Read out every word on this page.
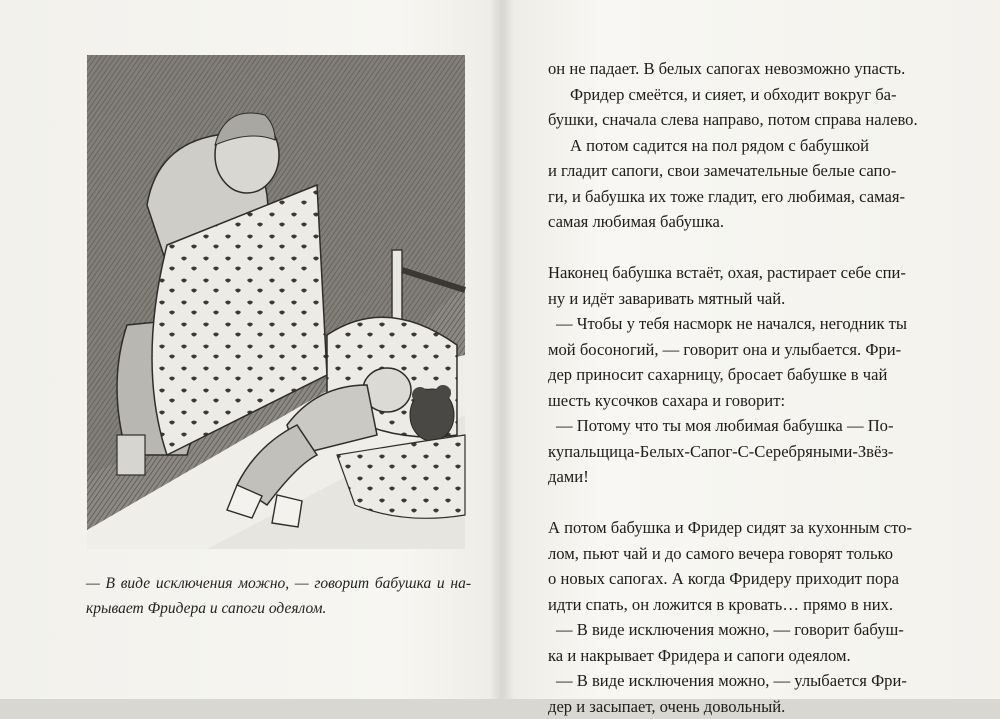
— В виде исключения можно, — говорит бабушка и на-

крывает Фридера и сапоги одеялом.

он не падает. В белых сапогах невозможно упасть.
Фридер смеётся, и сияет, и обходит вокруг ба-
бушки, сначала слева направо, потом справа налево.
А потом садится на пол рядом с бабушкой
и гладит сапоги, свои замечательные белые сапо-
ги, и бабушка их тоже гладит, его любимая, самая-
самая любимая бабушка.
Наконец бабушка встаёт, охая, растирает себе спи-
ну и идёт заваривать мятный чай.
— Чтобы у тебя насморк не начался, негодник ты
мой босоногий, — говорит она и улыбается. Фри-
дер приносит сахарницу, бросает бабушке в чай
шесть кусочков сахара и говорит:
— Потому что ты моя любимая бабушка — По-
купальщица-Белых-Сапог-С-Серебряными-Звёз-
дами!
А потом бабушка и Фридер сидят за кухонным сто-
лом, пьют чай и до самого вечера говорят только
о новых сапогах. А когда Фридеру приходит пора
идти спать, он ложится в кровать… прямо в них.
— В виде исключения можно, — говорит бабуш-
ка и накрывает Фридера и сапоги одеялом.
— В виде исключения можно, — улыбается Фри-
дер и засыпает, очень довольный.
